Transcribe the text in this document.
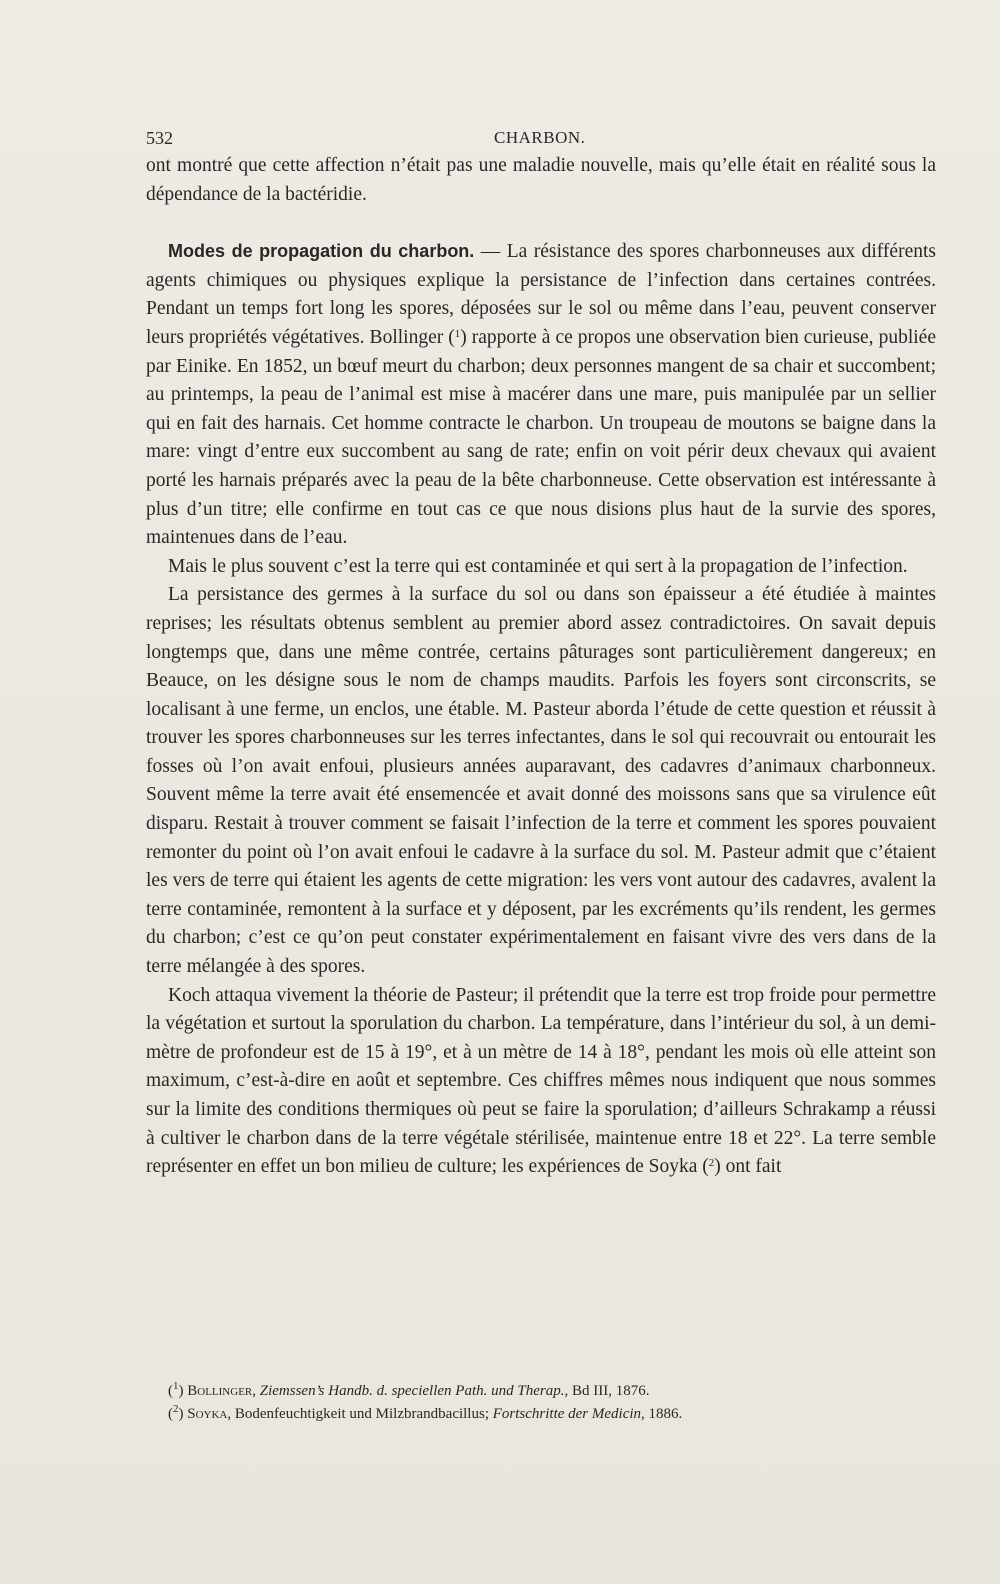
532	CHARBON.

ont montré que cette affection n’était pas une maladie nouvelle, mais qu’elle était en réalité sous la dépendance de la bactéridie.

Modes de propagation du charbon. — La résistance des spores charbonneuses aux différents agents chimiques ou physiques explique la persistance de l’infection dans certaines contrées. Pendant un temps fort long les spores, déposées sur le sol ou même dans l’eau, peuvent conserver leurs propriétés végétatives. Bollinger ($^1$) rapporte à ce propos une observation bien curieuse, publiée par Einike. En 1852, un bœuf meurt du charbon; deux personnes mangent de sa chair et succombent; au printemps, la peau de l’animal est mise à macérer dans une mare, puis manipulée par un sellier qui en fait des harnais. Cet homme contracte le charbon. Un troupeau de moutons se baigne dans la mare: vingt d’entre eux succombent au sang de rate; enfin on voit périr deux chevaux qui avaient porté les harnais préparés avec la peau de la bête charbonneuse. Cette observation est intéressante à plus d’un titre; elle confirme en tout cas ce que nous disions plus haut de la survie des spores, maintenues dans de l’eau.

Mais le plus souvent c’est la terre qui est contaminée et qui sert à la propagation de l’infection.

La persistance des germes à la surface du sol ou dans son épaisseur a été étudiée à maintes reprises; les résultats obtenus semblent au premier abord assez contradictoires. On savait depuis longtemps que, dans une même contrée, certains pâturages sont particulièrement dangereux; en Beauce, on les désigne sous le nom de champs maudits. Parfois les foyers sont circonscrits, se localisant à une ferme, un enclos, une étable. M. Pasteur aborda l’étude de cette question et réussit à trouver les spores charbonneuses sur les terres infectantes, dans le sol qui recouvrait ou entourait les fosses où l’on avait enfoui, plusieurs années auparavant, des cadavres d’animaux charbonneux. Souvent même la terre avait été ensemencée et avait donné des moissons sans que sa virulence eût disparu. Restait à trouver comment se faisait l’infection de la terre et comment les spores pouvaient remonter du point où l’on avait enfoui le cadavre à la surface du sol. M. Pasteur admit que c’étaient les vers de terre qui étaient les agents de cette migration: les vers vont autour des cadavres, avalent la terre contaminée, remontent à la surface et y déposent, par les excréments qu’ils rendent, les germes du charbon; c’est ce qu’on peut constater expérimentalement en faisant vivre des vers dans de la terre mélangée à des spores.

Koch attaqua vivement la théorie de Pasteur; il prétendit que la terre est trop froide pour permettre la végétation et surtout la sporulation du charbon. La température, dans l’intérieur du sol, à un demi-mètre de profondeur est de 15 à 19°, et à un mètre de 14 à 18°, pendant les mois où elle atteint son maximum, c’est-à-dire en août et septembre. Ces chiffres mêmes nous indiquent que nous sommes sur la limite des conditions thermiques où peut se faire la sporulation; d’ailleurs Schrakamp a réussi à cultiver le charbon dans de la terre végétale stérilisée, maintenue entre 18 et 22°. La terre semble représenter en effet un bon milieu de culture; les expériences de Soyka ($^2$) ont fait

($^1$) Bollinger, Ziemssen’s Handb. d. speciellen Path. und Therap., Bd III, 1876.

($^2$) Soyka, Bodenfeuchtigkeit und Milzbrandbacillus; Fortschritte der Medicin, 1886.
